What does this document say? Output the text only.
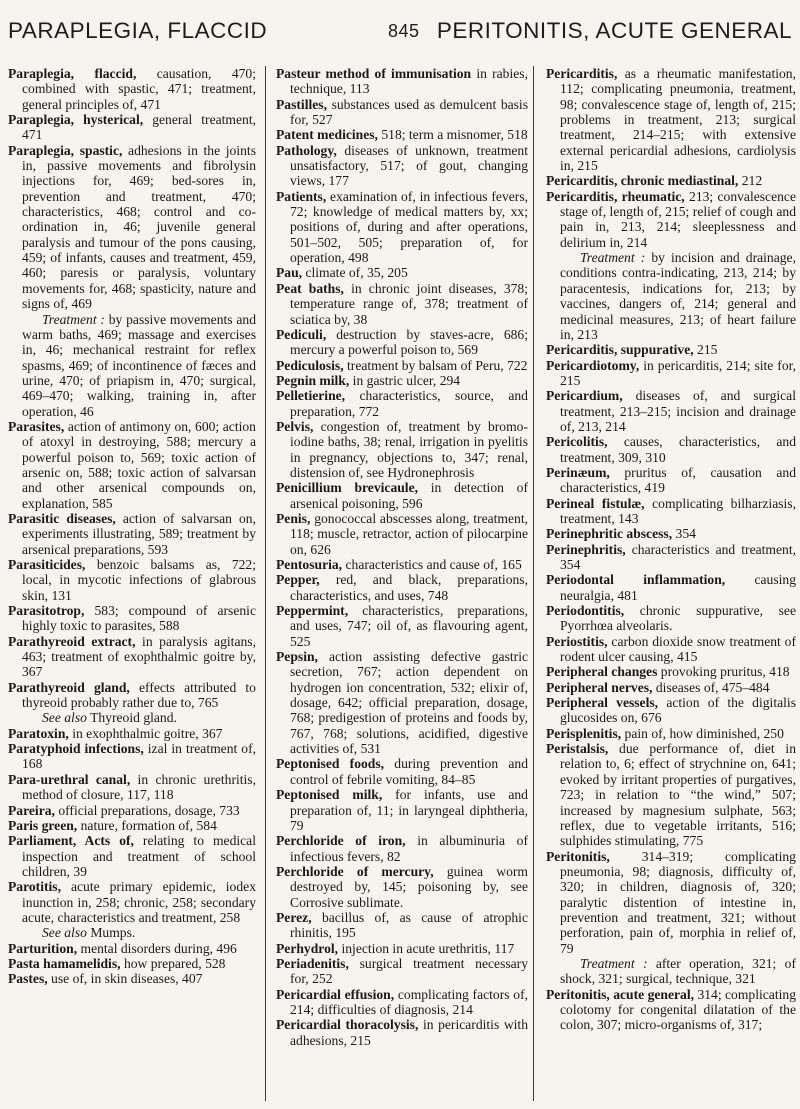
PARAPLEGIA, FLACCID	845 PERITONITIS, ACUTE GENERAL

Paraplegia, flaccid, causation, 470; combined with spastic, 471; treatment, general principles of, 471

Paraplegia, hysterical, general treatment, 471

Paraplegia, spastic, adhesions in the joints in, passive movements and fibrolysin injections for, 469; bed-sores in, prevention and treatment, 470; characteristics, 468; control and co-ordination in, 46; juvenile general paralysis and tumour of the pons causing, 459; of infants, causes and treatment, 459, 460; paresis or paralysis, voluntary movements for, 468; spasticity, nature and signs of, 469

Treatment : by passive movements and warm baths, 469; massage and exercises in, 46; mechanical restraint for reflex spasms, 469; of incontinence of fæces and urine, 470; of priapism in, 470; surgical, 469–470; walking, training in, after operation, 46

Parasites, action of antimony on, 600; action of atoxyl in destroying, 588; mercury a powerful poison to, 569; toxic action of arsenic on, 588; toxic action of salvarsan and other arsenical compounds on, explanation, 585

Parasitic diseases, action of salvarsan on, experiments illustrating, 589; treatment by arsenical preparations, 593

Parasiticides, benzoic balsams as, 722; local, in mycotic infections of glabrous skin, 131

Parasitotrop, 583; compound of arsenic highly toxic to parasites, 588

Parathyreoid extract, in paralysis agitans, 463; treatment of exophthalmic goitre by, 367

Parathyreoid gland, effects attributed to thyreoid probably rather due to, 765

See also Thyreoid gland.

Paratoxin, in exophthalmic goitre, 367

Paratyphoid infections, izal in treatment of, 168

Para-urethral canal, in chronic urethritis, method of closure, 117, 118

Pareira, official preparations, dosage, 733

Paris green, nature, formation of, 584

Parliament, Acts of, relating to medical inspection and treatment of school children, 39

Parotitis, acute primary epidemic, iodex inunction in, 258; chronic, 258; secondary acute, characteristics and treatment, 258

See also Mumps.

Parturition, mental disorders during, 496

Pasta hamamelidis, how prepared, 528

Pastes, use of, in skin diseases, 407

Pasteur method of immunisation in rabies, technique, 113

Pastilles, substances used as demulcent basis for, 527

Patent medicines, 518; term a misnomer, 518

Pathology, diseases of unknown, treatment unsatisfactory, 517; of gout, changing views, 177

Patients, examination of, in infectious fevers, 72; knowledge of medical matters by, xx; positions of, during and after operations, 501–502, 505; preparation of, for operation, 498

Pau, climate of, 35, 205

Peat baths, in chronic joint diseases, 378; temperature range of, 378; treatment of sciatica by, 38

Pediculi, destruction by staves-acre, 686; mercury a powerful poison to, 569

Pediculosis, treatment by balsam of Peru, 722

Pegnin milk, in gastric ulcer, 294

Pelletierine, characteristics, source, and preparation, 772

Pelvis, congestion of, treatment by bromo-iodine baths, 38; renal, irrigation in pyelitis in pregnancy, objections to, 347; renal, distension of, see Hydronephrosis

Penicillium brevicaule, in detection of arsenical poisoning, 596

Penis, gonococcal abscesses along, treatment, 118; muscle, retractor, action of pilocarpine on, 626

Pentosuria, characteristics and cause of, 165

Pepper, red, and black, preparations, characteristics, and uses, 748

Peppermint, characteristics, preparations, and uses, 747; oil of, as flavouring agent, 525

Pepsin, action assisting defective gastric secretion, 767; action dependent on hydrogen ion concentration, 532; elixir of, dosage, 642; official preparation, dosage, 768; predigestion of proteins and foods by, 767, 768; solutions, acidified, digestive activities of, 531

Peptonised foods, during prevention and control of febrile vomiting, 84–85

Peptonised milk, for infants, use and preparation of, 11; in laryngeal diphtheria, 79

Perchloride of iron, in albuminuria of infectious fevers, 82

Perchloride of mercury, guinea worm destroyed by, 145; poisoning by, see Corrosive sublimate.

Perez, bacillus of, as cause of atrophic rhinitis, 195

Perhydrol, injection in acute urethritis, 117

Periadenitis, surgical treatment necessary for, 252

Pericardial effusion, complicating factors of, 214; difficulties of diagnosis, 214

Pericardial thoracolysis, in pericarditis with adhesions, 215

Pericarditis, as a rheumatic manifestation, 112; complicating pneumonia, treatment, 98; convalescence stage of, length of, 215; problems in treatment, 213; surgical treatment, 214–215; with extensive external pericardial adhesions, cardiolysis in, 215

Pericarditis, chronic mediastinal, 212

Pericarditis, rheumatic, 213; convalescence stage of, length of, 215; relief of cough and pain in, 213, 214; sleeplessness and delirium in, 214

Treatment : by incision and drainage, conditions contra-indicating, 213, 214; by paracentesis, indications for, 213; by vaccines, dangers of, 214; general and medicinal measures, 213; of heart failure in, 213

Pericarditis, suppurative, 215

Pericardiotomy, in pericarditis, 214; site for, 215

Pericardium, diseases of, and surgical treatment, 213–215; incision and drainage of, 213, 214

Pericolitis, causes, characteristics, and treatment, 309, 310

Perinæum, pruritus of, causation and characteristics, 419

Perineal fistulæ, complicating bilharziasis, treatment, 143

Perinephritic abscess, 354

Perinephritis, characteristics and treatment, 354

Periodontal inflammation, causing neuralgia, 481

Periodontitis, chronic suppurative, see Pyorrhœa alveolaris.

Periostitis, carbon dioxide snow treatment of rodent ulcer causing, 415

Peripheral changes provoking pruritus, 418

Peripheral nerves, diseases of, 475–484

Peripheral vessels, action of the digitalis glucosides on, 676

Perisplenitis, pain of, how diminished, 250

Peristalsis, due performance of, diet in relation to, 6; effect of strychnine on, 641; evoked by irritant properties of purgatives, 723; in relation to “the wind,” 507; increased by magnesium sulphate, 563; reflex, due to vegetable irritants, 516; sulphides stimulating, 775

Peritonitis, 314–319; complicating pneumonia, 98; diagnosis, difficulty of, 320; in children, diagnosis of, 320; paralytic distention of intestine in, prevention and treatment, 321; without perforation, pain of, morphia in relief of, 79

Treatment : after operation, 321; of shock, 321; surgical, technique, 321

Peritonitis, acute general, 314; complicating colotomy for congenital dilatation of the colon, 307; micro-organisms of, 317;
